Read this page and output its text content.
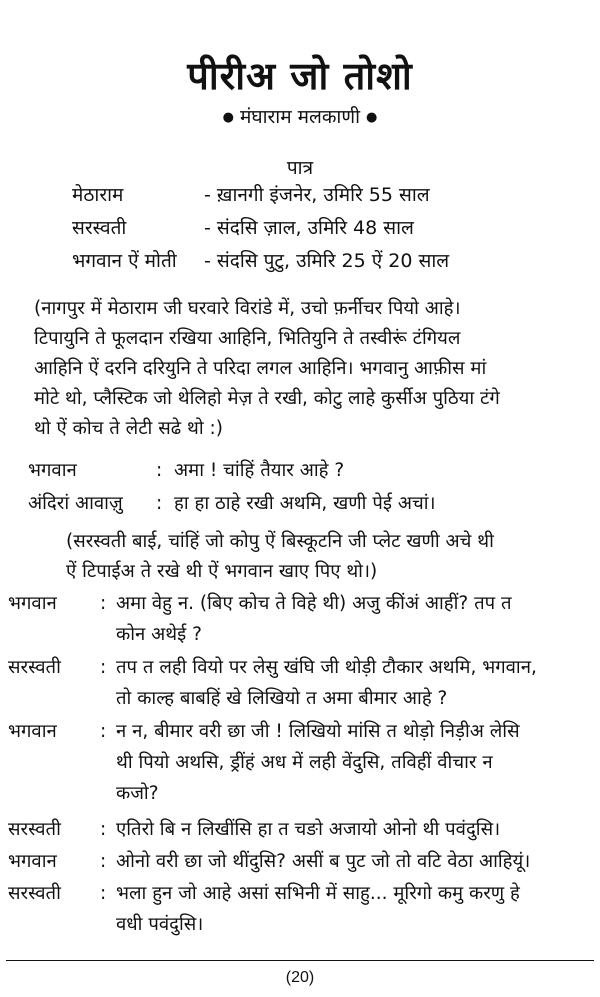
पीरीअ जो तोशो
● मंघाराम मलकाणी ●
पात्र
मेठाराम	- ख़ानगी इंजनेर, उमिरि 55 साल
सरस्वती	- संदसि ज़ाल, उमिरि 48 साल
भगवान ऐं मोती - संदसि पुटु, उमिरि 25 ऐं 20 साल
(नागपुर में मेठाराम जी घरवारे विरांडे में, उचो फ़र्नीचर पियो आहे।
टिपायुनि ते फूलदान रखिया आहिनि, भितियुनि ते तस्वीरूं टंगियल
आहिनि ऐं दरनि दरियुनि ते परिदा लगल आहिनि। भगवानु आफ़ीस मां
मोटे थो, प्लैस्टिक जो थेलिहो मेज़ ते रखी, कोटु लाहे कुर्सीअ पुठिया टंगे
थो ऐं कोच ते लेटी सढे थो :)
भगवान	: अमा ! चांहिं तैयार आहे ?
अंदिरां आवाज़ु : हा हा ठाहे रखी अथमि, खणी पेई अचां।
(सरस्वती बाई, चांहिं जो कोपु ऐं बिस्कूटनि जी प्लेट खणी अचे थी
ऐं टिपाईअ ते रखे थी ऐं भगवान खाए पिए थो।)
भगवान : अमा वेहु न. (बिए कोच ते विहे थी) अजु कींअं आहीं? तप त
कोन अथेई ?
सरस्वती : तप त लही वियो पर लेसु खंघि जी थोड़ी टौकार अथमि, भगवान,
तो काल्ह बाबहिं खे लिखियो त अमा बीमार आहे ?
भगवान : न न, बीमार वरी छा जी ! लिखियो मांसि त थोड़ो निड़ीअ लेसि
थी पियो अथसि, ड्रींहं अध में लही वेंदुसि, तविहीं वीचार न
कजो?
सरस्वती : एतिरो बि न लिखींसि हा त चङो अजायो ओनो थी पवंदुसि।
भगवान : ओनो वरी छा जो थींदुसि? असीं ब पुट जो तो वटि वेठा आहियूं।
सरस्वती : भला हुन जो आहे असां सभिनी में साहु... मूरिगो कमु करणु हे
वधी पवंदुसि।
(20)
